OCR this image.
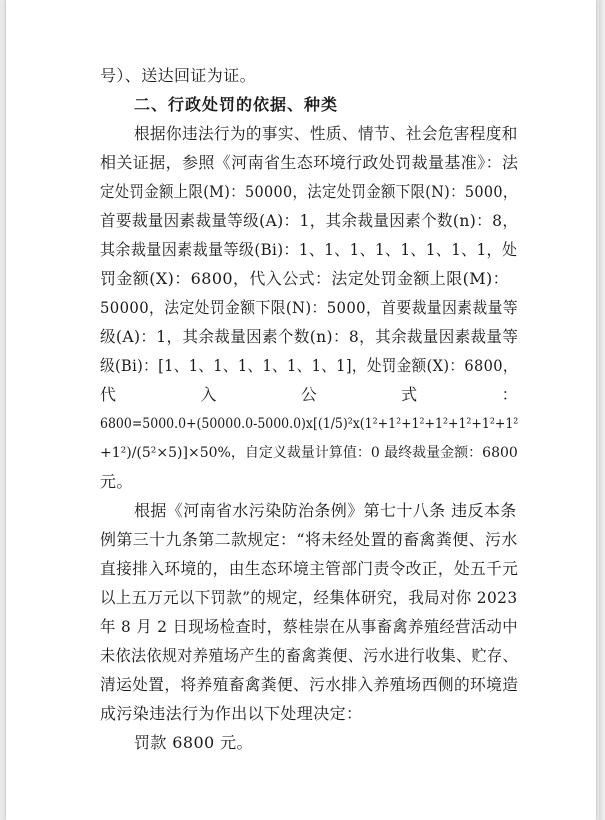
号）、送达回证为证。
二、行政处罚的依据、种类
根据你违法行为的事实、性质、情节、社会危害程度和
相关证据，参照《河南省生态环境行政处罚裁量基准》：法
定处罚金额上限(M)：50000，法定处罚金额下限(N)：5000，
首要裁量因素裁量等级(A)：1，其余裁量因素个数(n)：8，
其余裁量因素裁量等级(Bi)：1、1、1、1、1、1、1、1，处
罚金额(X)：6800，代入公式：法定处罚金额上限(M)：
50000，法定处罚金额下限(N)：5000，首要裁量因素裁量等
级(A)：1，其余裁量因素个数(n)：8，其余裁量因素裁量等
级(Bi)：[1、1、1、1、1、1、1、1]，处罚金额(X)：6800，
代	入	公	式	：
6800=5000.0+(50000.0-5000.0)x[(1/5)²x(1²+1²+1²+1²+1²+1²+1²
+1²)/(5²×5)]×50%，自定义裁量计算值：0 最终裁量金额：6800
元。
根据《河南省水污染防治条例》第七十八条 违反本条
例第三十九条第二款规定：“将未经处置的畜禽粪便、污水
直接排入环境的，由生态环境主管部门责令改正，处五千元
以上五万元以下罚款”的规定，经集体研究，我局对你 2023
年 8 月 2 日现场检查时，蔡桂崇在从事畜禽养殖经营活动中
未依法依规对养殖场产生的畜禽粪便、污水进行收集、贮存、
清运处置，将养殖畜禽粪便、污水排入养殖场西侧的环境造
成污染违法行为作出以下处理决定：
罚款 6800 元。
